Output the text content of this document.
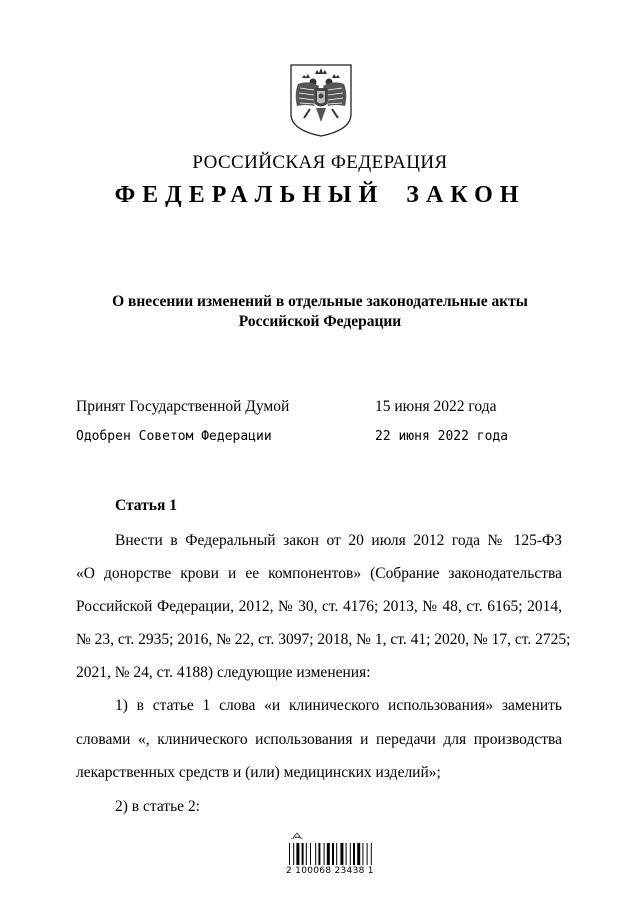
РОССИЙСКАЯ ФЕДЕРАЦИЯ
ФЕДЕРАЛЬНЫЙ ЗАКОН
О внесении изменений в отдельные законодательные акты
Российской Федерации
Принят Государственной Думой	15 июня 2022 года
Одобрен Советом Федерации	22 июня 2022 года
Статья 1
Внести в Федеральный закон от 20 июля 2012 года № 125-ФЗ
«О донорстве крови и ее компонентов» (Собрание законодательства
Российской Федерации, 2012, № 30, ст. 4176; 2013, № 48, ст. 6165; 2014,
№ 23, ст. 2935; 2016, № 22, ст. 3097; 2018, № 1, ст. 41; 2020, № 17, ст. 2725;
2021, № 24, ст. 4188) следующие изменения:
1) в статье 1 слова «и клинического использования» заменить
словами «, клинического использования и передачи для производства
лекарственных средств и (или) медицинских изделий»;
2) в статье 2:
2 100068 23438 1
